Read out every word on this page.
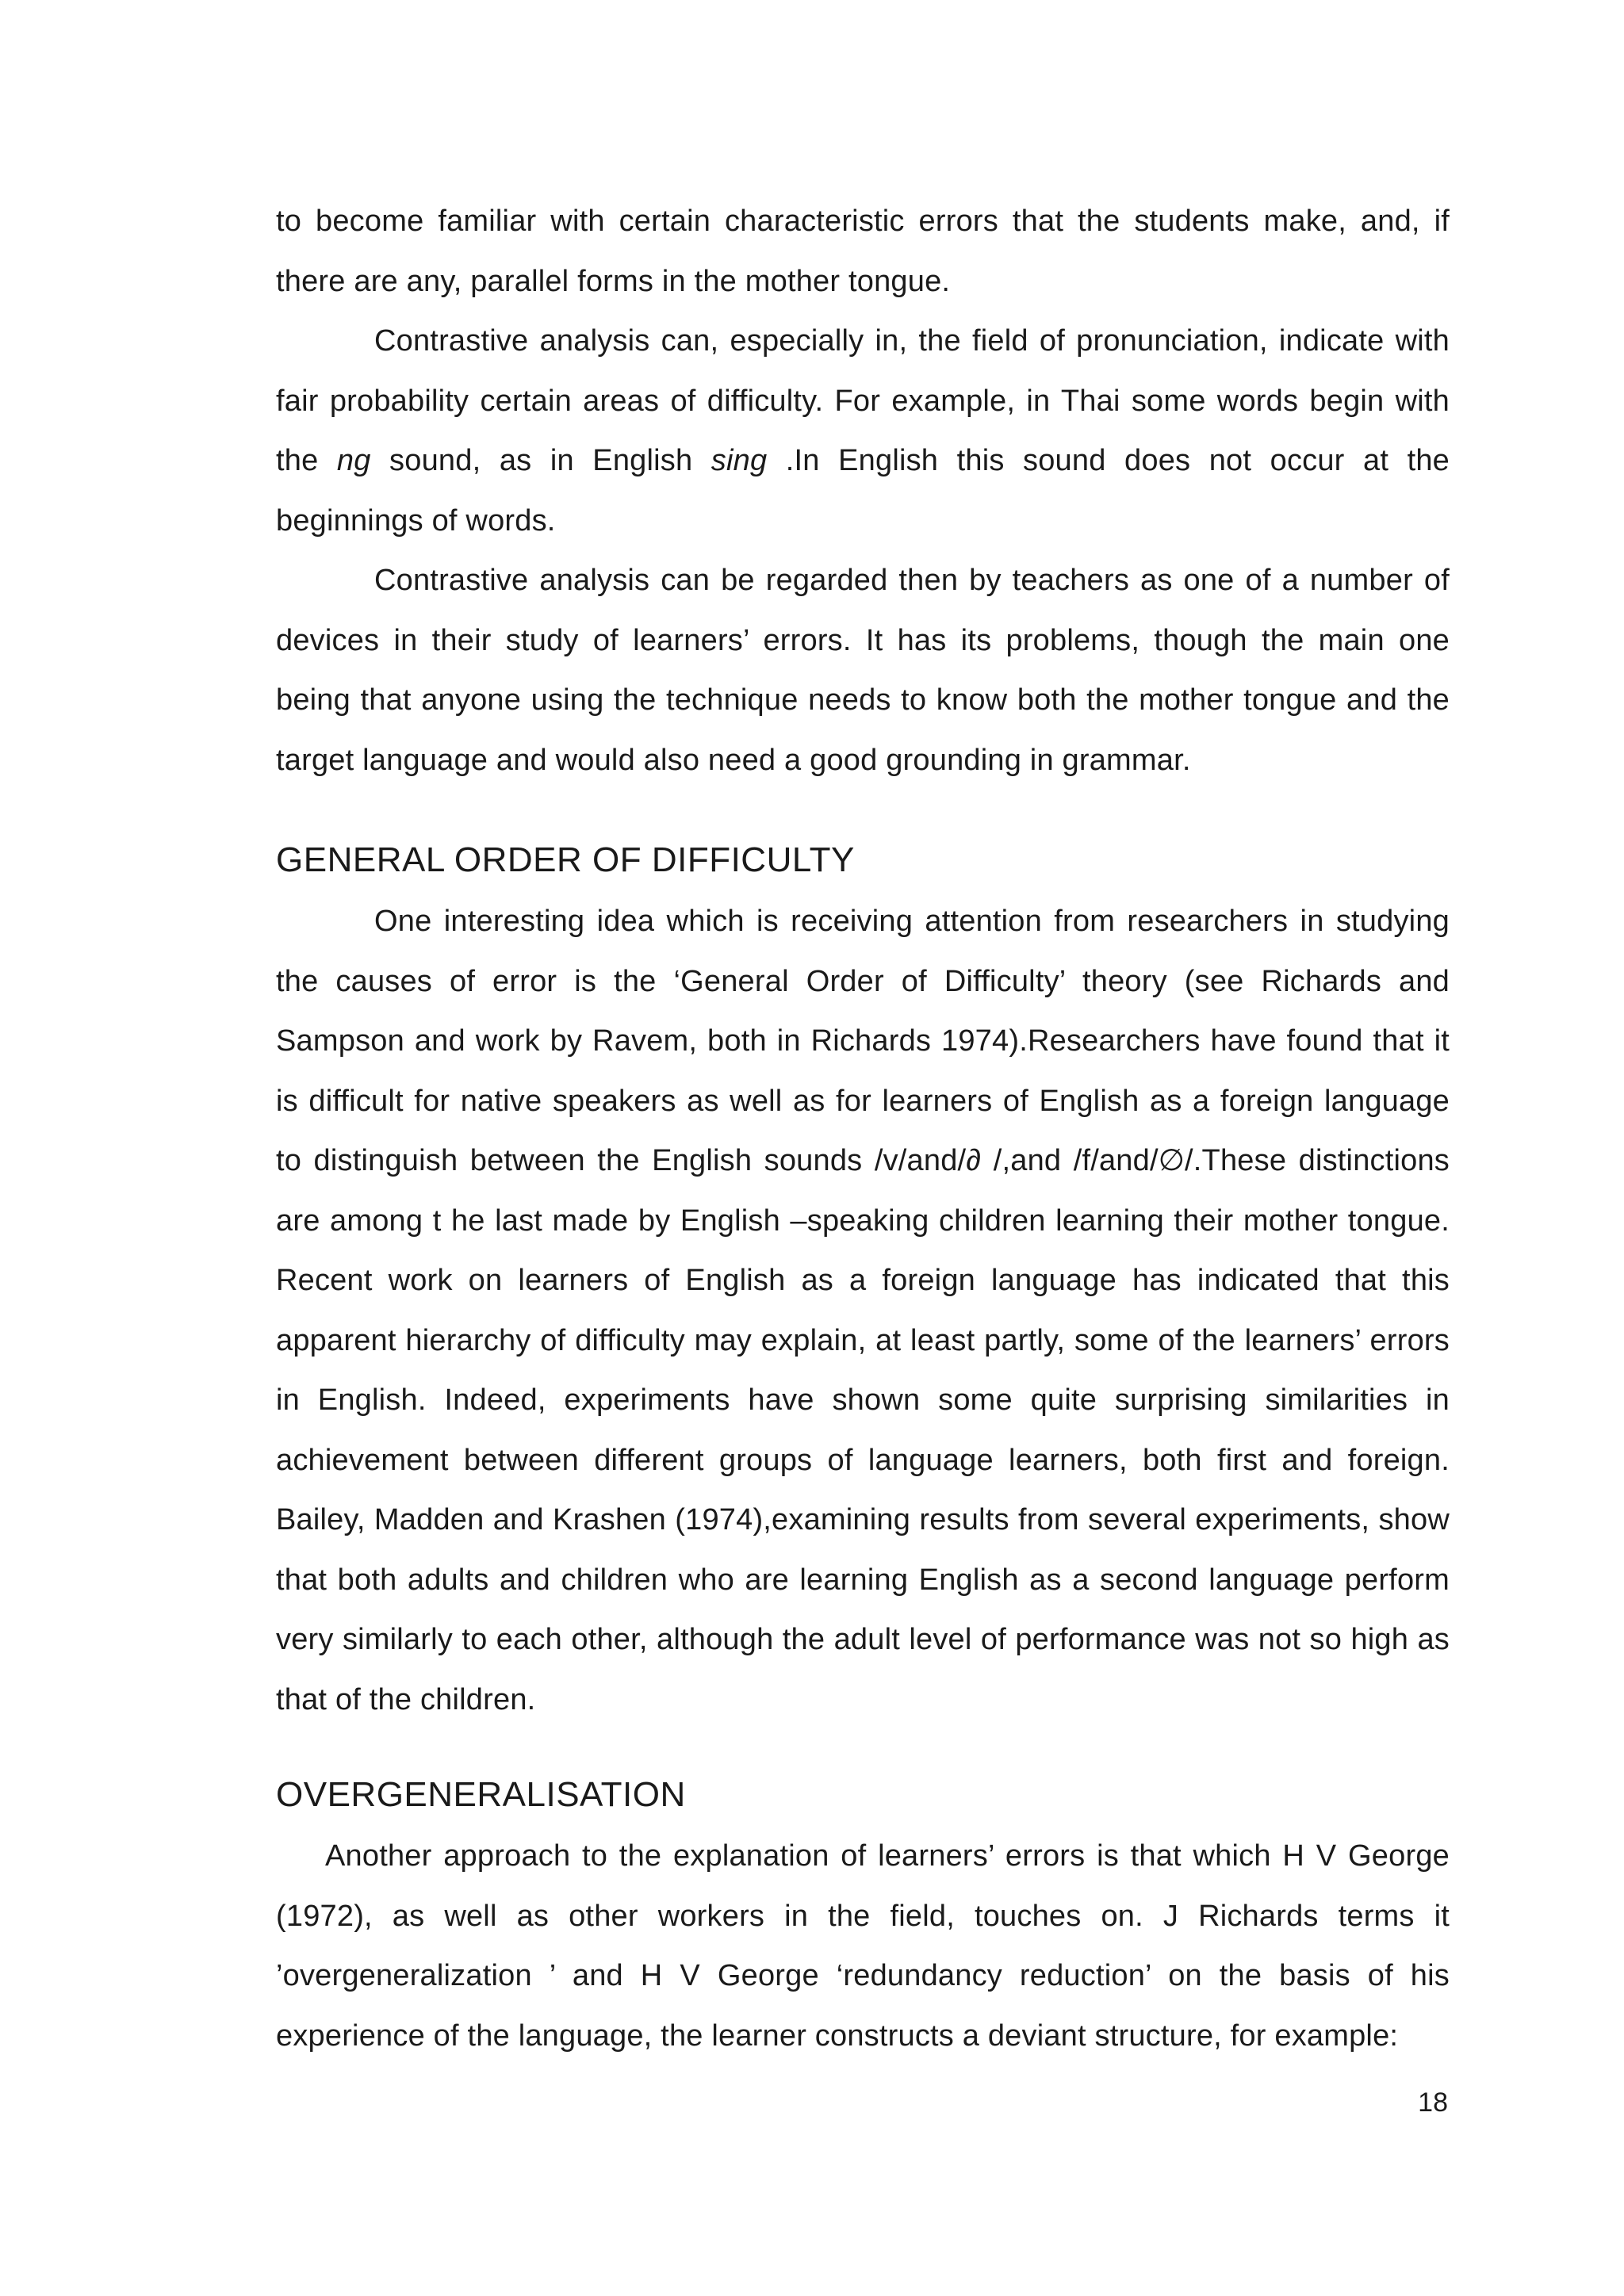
to become familiar with certain characteristic errors that the students make, and, if there are any, parallel forms in the mother tongue.

Contrastive analysis can, especially in, the field of pronunciation, indicate with fair probability certain areas of difficulty. For example, in Thai some words begin with the ng sound, as in English sing .In English this sound does not occur at the beginnings of words.

Contrastive analysis can be regarded then by teachers as one of a number of devices in their study of learners’ errors. It has its problems, though the main one being that anyone using the technique needs to know both the mother tongue and the target language and would also need a good grounding in grammar.

GENERAL ORDER OF DIFFICULTY

One interesting idea which is receiving attention from researchers in studying the causes of error is the ‘General Order of Difficulty’ theory (see Richards and Sampson and work by Ravem, both in Richards 1974).Researchers have found that it is difficult for native speakers as well as for learners of English as a foreign language to distinguish between the English sounds /v/and/∂ /,and /f/and/∅/.These distinctions are among t he last made by English –speaking children learning their mother tongue. Recent work on learners of English as a foreign language has indicated that this apparent hierarchy of difficulty may explain, at least partly, some of the learners’ errors in English. Indeed, experiments have shown some quite surprising similarities in achievement between different groups of language learners, both first and foreign. Bailey, Madden and Krashen (1974),examining results from several experiments, show that both adults and children who are learning English as a second language perform very similarly to each other, although the adult level of performance was not so high as that of the children.

OVERGENERALISATION

Another approach to the explanation of learners’ errors is that which H V George (1972), as well as other workers in the field, touches on. J Richards terms it ’overgeneralization ’ and H V George ‘redundancy reduction’ on the basis of his experience of the language, the learner constructs a deviant structure, for example:

18
